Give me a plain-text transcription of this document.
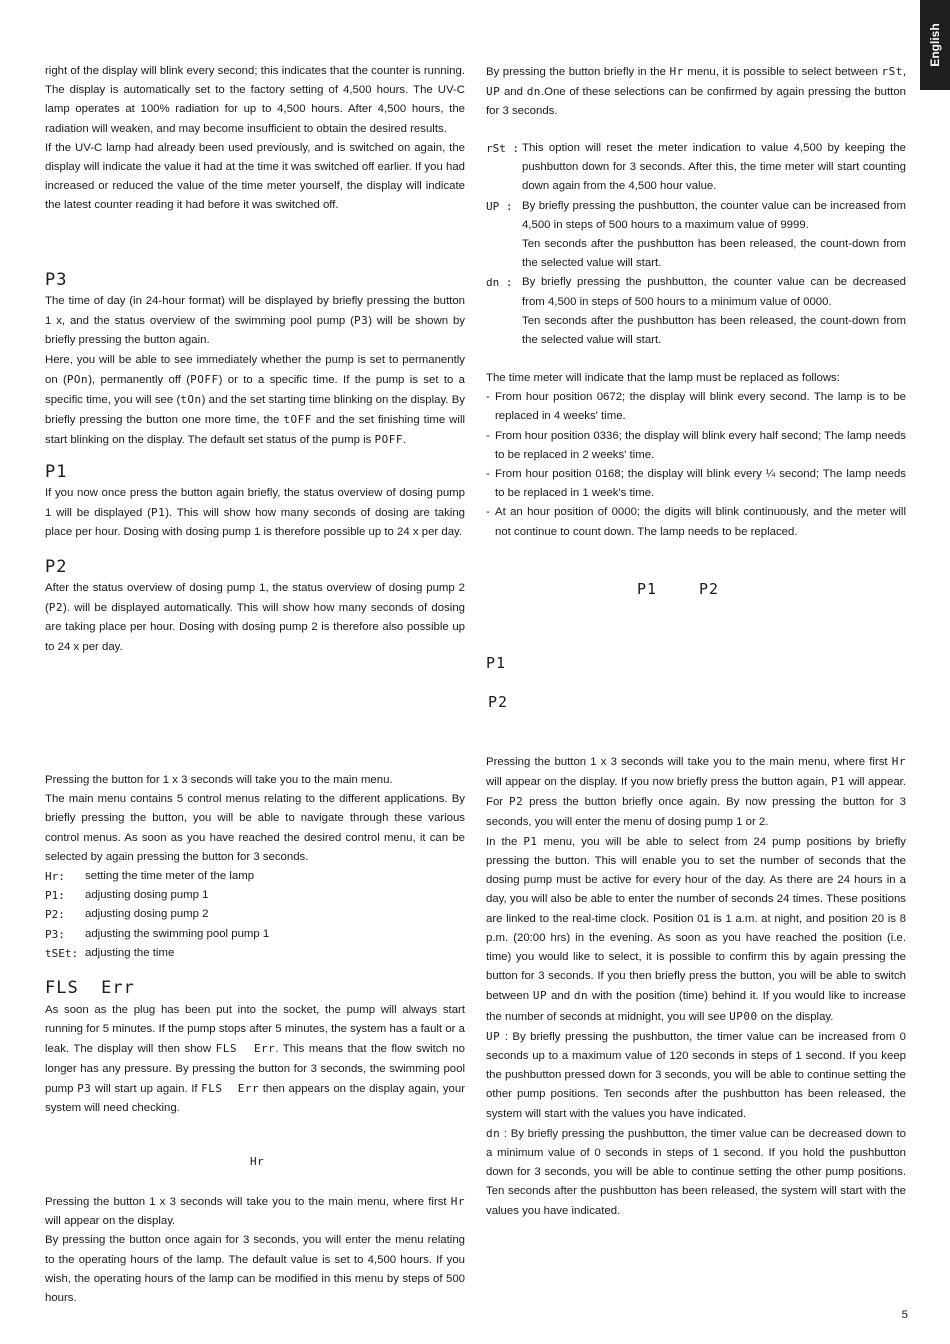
English

right of the display will blink every second; this indicates that the counter is running. The display is automatically set to the factory setting of 4,500 hours. The UV-C lamp operates at 100% radiation for up to 4,500 hours. After 4,500 hours, the radiation will weaken, and may become insufficient to obtain the desired results.

If the UV-C lamp had already been used previously, and is switched on again, the display will indicate the value it had at the time it was switched off earlier. If you had increased or reduced the value of the time meter yourself, the display will indicate the latest counter reading it had before it was switched off.

P3

The time of day (in 24-hour format) will be displayed by briefly pressing the button 1 x, and the status overview of the swimming pool pump (P3) will be shown by briefly pressing the button again.

Here, you will be able to see immediately whether the pump is set to permanently on (POn), permanently off (POFF) or to a specific time. If the pump is set to a specific time, you will see (tOn) and the set starting time blinking on the display. By briefly pressing the button one more time, the tOFF and the set finishing time will start blinking on the display. The default set status of the pump is POFF.

P1

If you now once press the button again briefly, the status overview of dosing pump 1 will be displayed (P1). This will show how many seconds of dosing are taking place per hour. Dosing with dosing pump 1 is therefore possible up to 24 x per day.

P2

After the status overview of dosing pump 1, the status overview of dosing pump 2 (P2). will be displayed automatically. This will show how many seconds of dosing are taking place per hour. Dosing with dosing pump 2 is therefore also possible up to 24 x per day.

Pressing the button for 1 x 3 seconds will take you to the main menu.

The main menu contains 5 control menus relating to the different applications. By briefly pressing the button, you will be able to navigate through these various control menus. As soon as you have reached the desired control menu, it can be selected by again pressing the button for 3 seconds.

Hr:	setting the time meter of the lamp
P1:	adjusting dosing pump 1
P2:	adjusting dosing pump 2
P3:	adjusting the swimming pool pump 1
tSEt: adjusting the time
FLS  Err

As soon as the plug has been put into the socket, the pump will always start running for 5 minutes. If the pump stops after 5 minutes, the system has a fault or a leak. The display will then show FLS  Err. This means that the flow switch no longer has any pressure. By pressing the button for 3 seconds, the swimming pool pump P3 will start up again. If FLS  Err then appears on the display again, your system will need checking.

Hr

Pressing the button 1 x 3 seconds will take you to the main menu, where first Hr will appear on the display.

By pressing the button once again for 3 seconds, you will enter the menu relating to the operating hours of the lamp. The default value is set to 4,500 hours. If you wish, the operating hours of the lamp can be modified in this menu by steps of 500 hours.

By pressing the button briefly in the Hr menu, it is possible to select between rSt, UP and dn.One of these selections can be confirmed by again pressing the button for 3 seconds.

rSt : This option will reset the meter indication to value 4,500 by keeping the pushbutton down for 3 seconds. After this, the time meter will start counting down again from the 4,500 hour value.

UP : By briefly pressing the pushbutton, the counter value can be increased from 4,500 in steps of 500 hours to a maximum value of 9999.

Ten seconds after the pushbutton has been released, the count-down from the selected value will start.

dn : By briefly pressing the pushbutton, the counter value can be decreased from 4,500 in steps of 500 hours to a minimum value of 0000.

Ten seconds after the pushbutton has been released, the count-down from the selected value will start.

The time meter will indicate that the lamp must be replaced as follows:

- From hour position 0672; the display will blink every second. The lamp is to be replaced in 4 weeks' time.
- From hour position 0336; the display will blink every half second; The lamp needs to be replaced in 2 weeks' time.
- From hour position 0168; the display will blink every ¼ second; The lamp needs to be replaced in 1 week's time.
- At an hour position of 0000; the digits will blink continuously, and the meter will not continue to count down. The lamp needs to be replaced.
P1	P2
P1
P2

Pressing the button 1 x 3 seconds will take you to the main menu, where first Hr will appear on the display. If you now briefly press the button again, P1 will appear. For P2 press the button briefly once again. By now pressing the button for 3 seconds, you will enter the menu of dosing pump 1 or 2.

In the P1 menu, you will be able to select from 24 pump positions by briefly pressing the button. This will enable you to set the number of seconds that the dosing pump must be active for every hour of the day. As there are 24 hours in a day, you will also be able to enter the number of seconds 24 times. These positions are linked to the real-time clock. Position 01 is 1 a.m. at night, and position 20 is 8 p.m. (20:00 hrs) in the evening. As soon as you have reached the position (i.e. time) you would like to select, it is possible to confirm this by again pressing the button for 3 seconds. If you then briefly press the button, you will be able to switch between UP and dn with the position (time) behind it. If you would like to increase the number of seconds at midnight, you will see UP00 on the display.

UP : By briefly pressing the pushbutton, the timer value can be increased from 0 seconds up to a maximum value of 120 seconds in steps of 1 second. If you keep the pushbutton pressed down for 3 seconds, you will be able to continue setting the other pump positions. Ten seconds after the pushbutton has been released, the system will start with the values you have indicated.

dn : By briefly pressing the pushbutton, the timer value can be decreased down to a minimum value of 0 seconds in steps of 1 second. If you hold the pushbutton down for 3 seconds, you will be able to continue setting the other pump positions. Ten seconds after the pushbutton has been released, the system will start with the values you have indicated.

5
